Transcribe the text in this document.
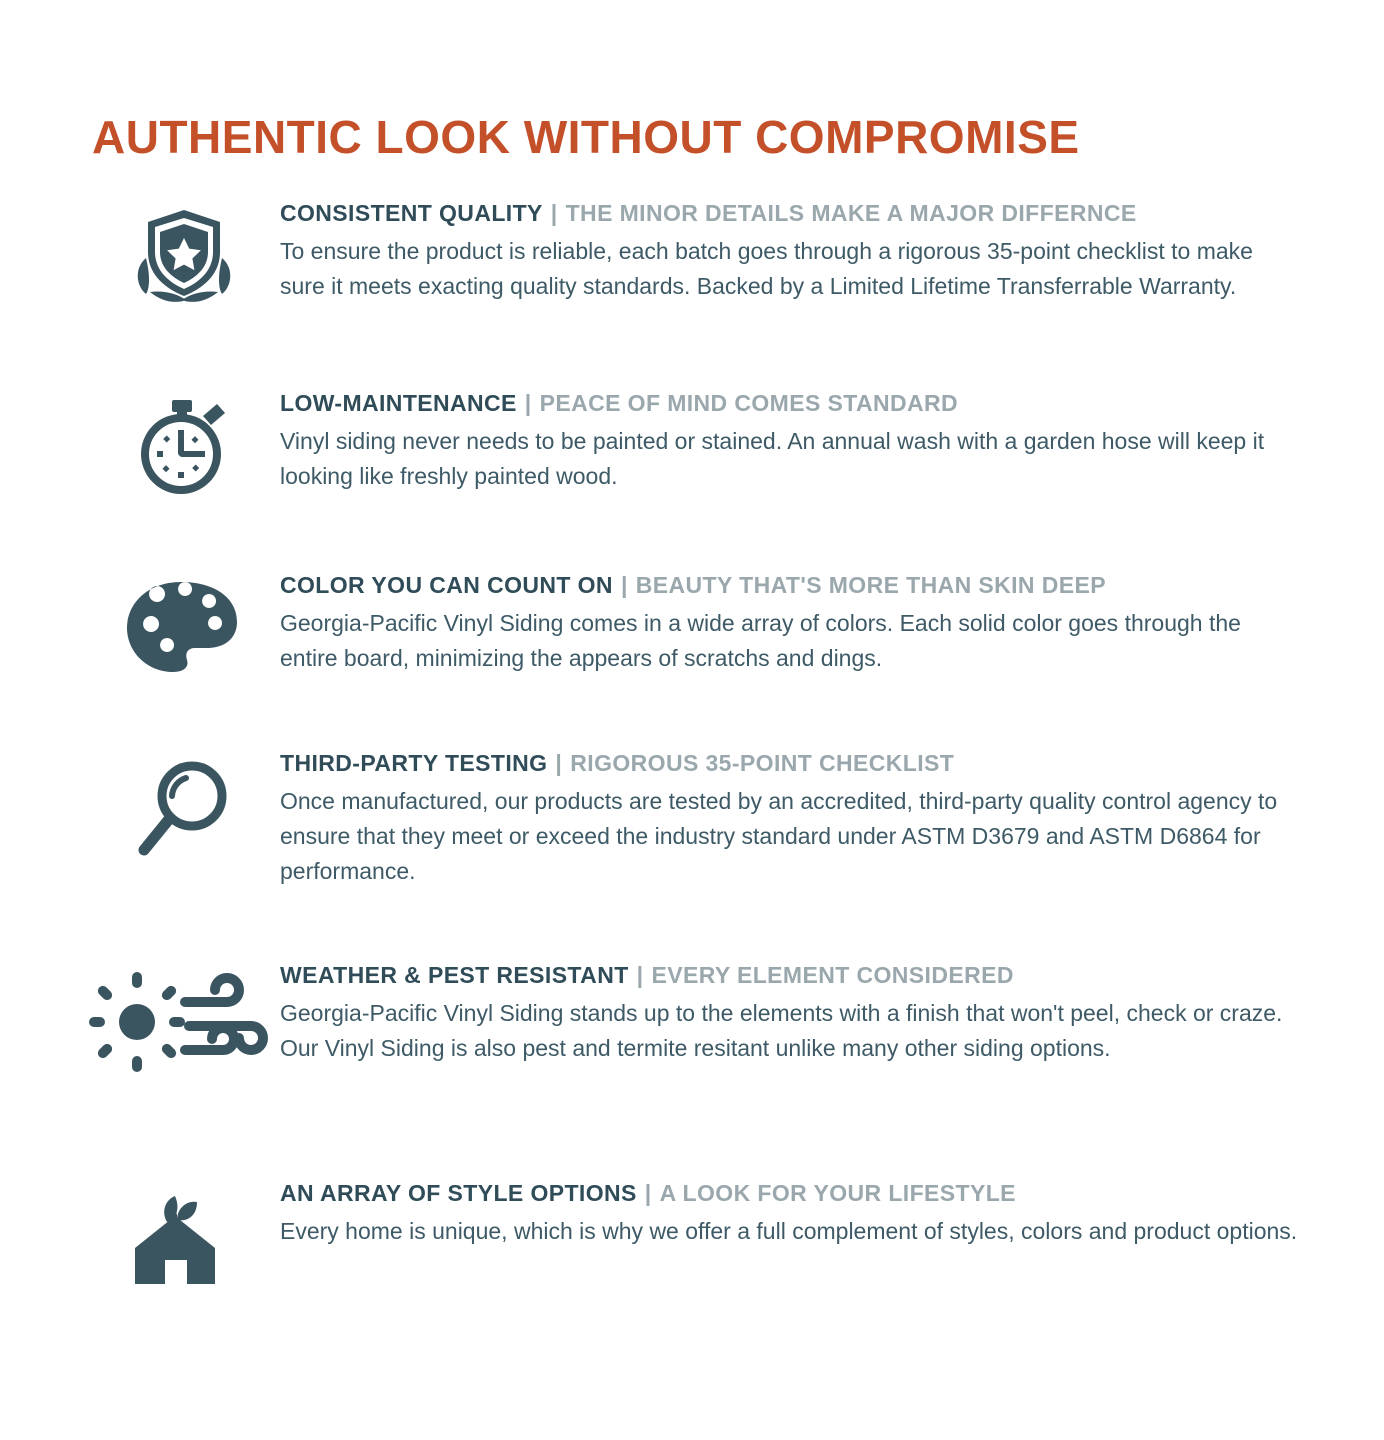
AUTHENTIC LOOK WITHOUT COMPROMISE
CONSISTENT QUALITY | THE MINOR DETAILS MAKE A MAJOR DIFFERNCE
To ensure the product is reliable, each batch goes through a rigorous 35-point checklist to make sure it meets exacting quality standards. Backed by a Limited Lifetime Transferrable Warranty.
LOW-MAINTENANCE | PEACE OF MIND COMES STANDARD
Vinyl siding never needs to be painted or stained. An annual wash with a garden hose will keep it looking like freshly painted wood.
COLOR YOU CAN COUNT ON | BEAUTY THAT'S MORE THAN SKIN DEEP
Georgia-Pacific Vinyl Siding comes in a wide array of colors. Each solid color goes through the entire board, minimizing the appears of scratchs and dings.
THIRD-PARTY TESTING | RIGOROUS 35-POINT CHECKLIST
Once manufactured, our products are tested by an accredited, third-party quality control agency to ensure that they meet or exceed the industry standard under ASTM D3679 and ASTM D6864 for performance.
WEATHER & PEST RESISTANT | EVERY ELEMENT CONSIDERED
Georgia-Pacific Vinyl Siding stands up to the elements with a finish that won't peel, check or craze. Our Vinyl Siding is also pest and termite resitant unlike many other siding options.
AN ARRAY OF STYLE OPTIONS | A LOOK FOR YOUR LIFESTYLE
Every home is unique, which is why we offer a full complement of styles, colors and product options.
